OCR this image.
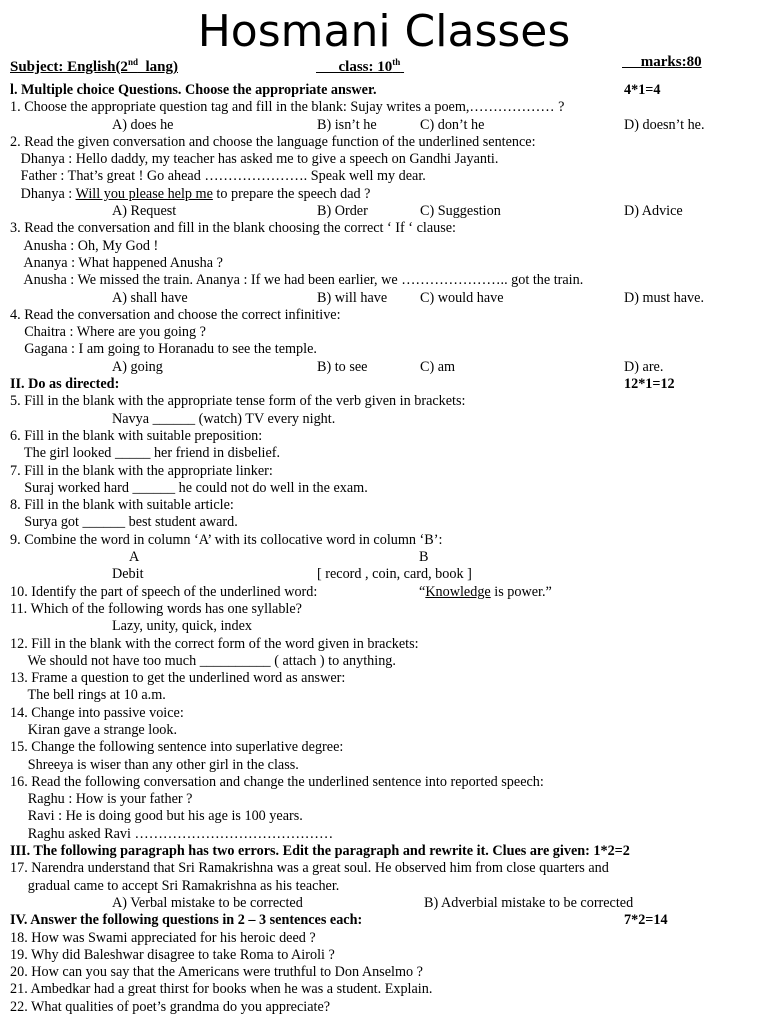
Hosmani Classes
Subject: English(2nd  lang)	class: 10th	marks:80
l. Multiple choice Questions. Choose the appropriate answer.	4*1=4
1. Choose the appropriate question tag and fill in the blank: Sujay writes a poem,……………… ?
A) does he	B) isn’t he	C) don’t he	D) doesn’t he.
2. Read the given conversation and choose the language function of the underlined sentence:
Dhanya : Hello daddy, my teacher has asked me to give a speech on Gandhi Jayanti.
Father : That’s great ! Go ahead …………………. Speak well my dear.
Dhanya : Will you please help me to prepare the speech dad ?
A) Request	B) Order	C) Suggestion	D) Advice
3. Read the conversation and fill in the blank choosing the correct ‘ If ‘ clause:
Anusha : Oh, My God !
Ananya : What happened Anusha ?
Anusha : We missed the train. Ananya : If we had been earlier, we ………………….. got the train.
A) shall have	B) will have C) would have	D) must have.
4. Read the conversation and choose the correct infinitive:
Chaitra : Where are you going ?
Gagana : I am going to Horanadu to see the temple.
A) going	B) to see	C) am	D) are.
II. Do as directed:	12*1=12
5. Fill in the blank with the appropriate tense form of the verb given in brackets:
Navya ______ (watch) TV every night.
6. Fill in the blank with suitable preposition:
The girl looked _____ her friend in disbelief.
7. Fill in the blank with the appropriate linker:
Suraj worked hard ______ he could not do well in the exam.
8. Fill in the blank with suitable article:
Surya got ______ best student award.
9. Combine the word in column ‘A’ with its collocative word in column ‘B’:
A	B
Debit	[ record , coin, card, book ]
10. Identify the part of speech of the underlined word:	“Knowledge is power.”
11. Which of the following words has one syllable?
Lazy, unity, quick, index
12. Fill in the blank with the correct form of the word given in brackets:
We should not have too much __________ ( attach ) to anything.
13. Frame a question to get the underlined word as answer:
The bell rings at 10 a.m.
14. Change into passive voice:
Kiran gave a strange look.
15. Change the following sentence into superlative degree:
Shreeya is wiser than any other girl in the class.
16. Read the following conversation and change the underlined sentence into reported speech:
Raghu : How is your father ?
Ravi : He is doing good but his age is 100 years.
Raghu asked Ravi ……………………………………
III. The following paragraph has two errors. Edit the paragraph and rewrite it. Clues are given: 1*2=2
17. Narendra understand that Sri Ramakrishna was a great soul. He observed him from close quarters and
gradual came to accept Sri Ramakrishna as his teacher.
A) Verbal mistake to be corrected	B) Adverbial mistake to be corrected
IV. Answer the following questions in 2 – 3 sentences each:	7*2=14
18. How was Swami appreciated for his heroic deed ?
19. Why did Baleshwar disagree to take Roma to Airoli ?
20. How can you say that the Americans were truthful to Don Anselmo ?
21. Ambedkar had a great thirst for books when he was a student. Explain.
22. What qualities of poet’s grandma do you appreciate?
